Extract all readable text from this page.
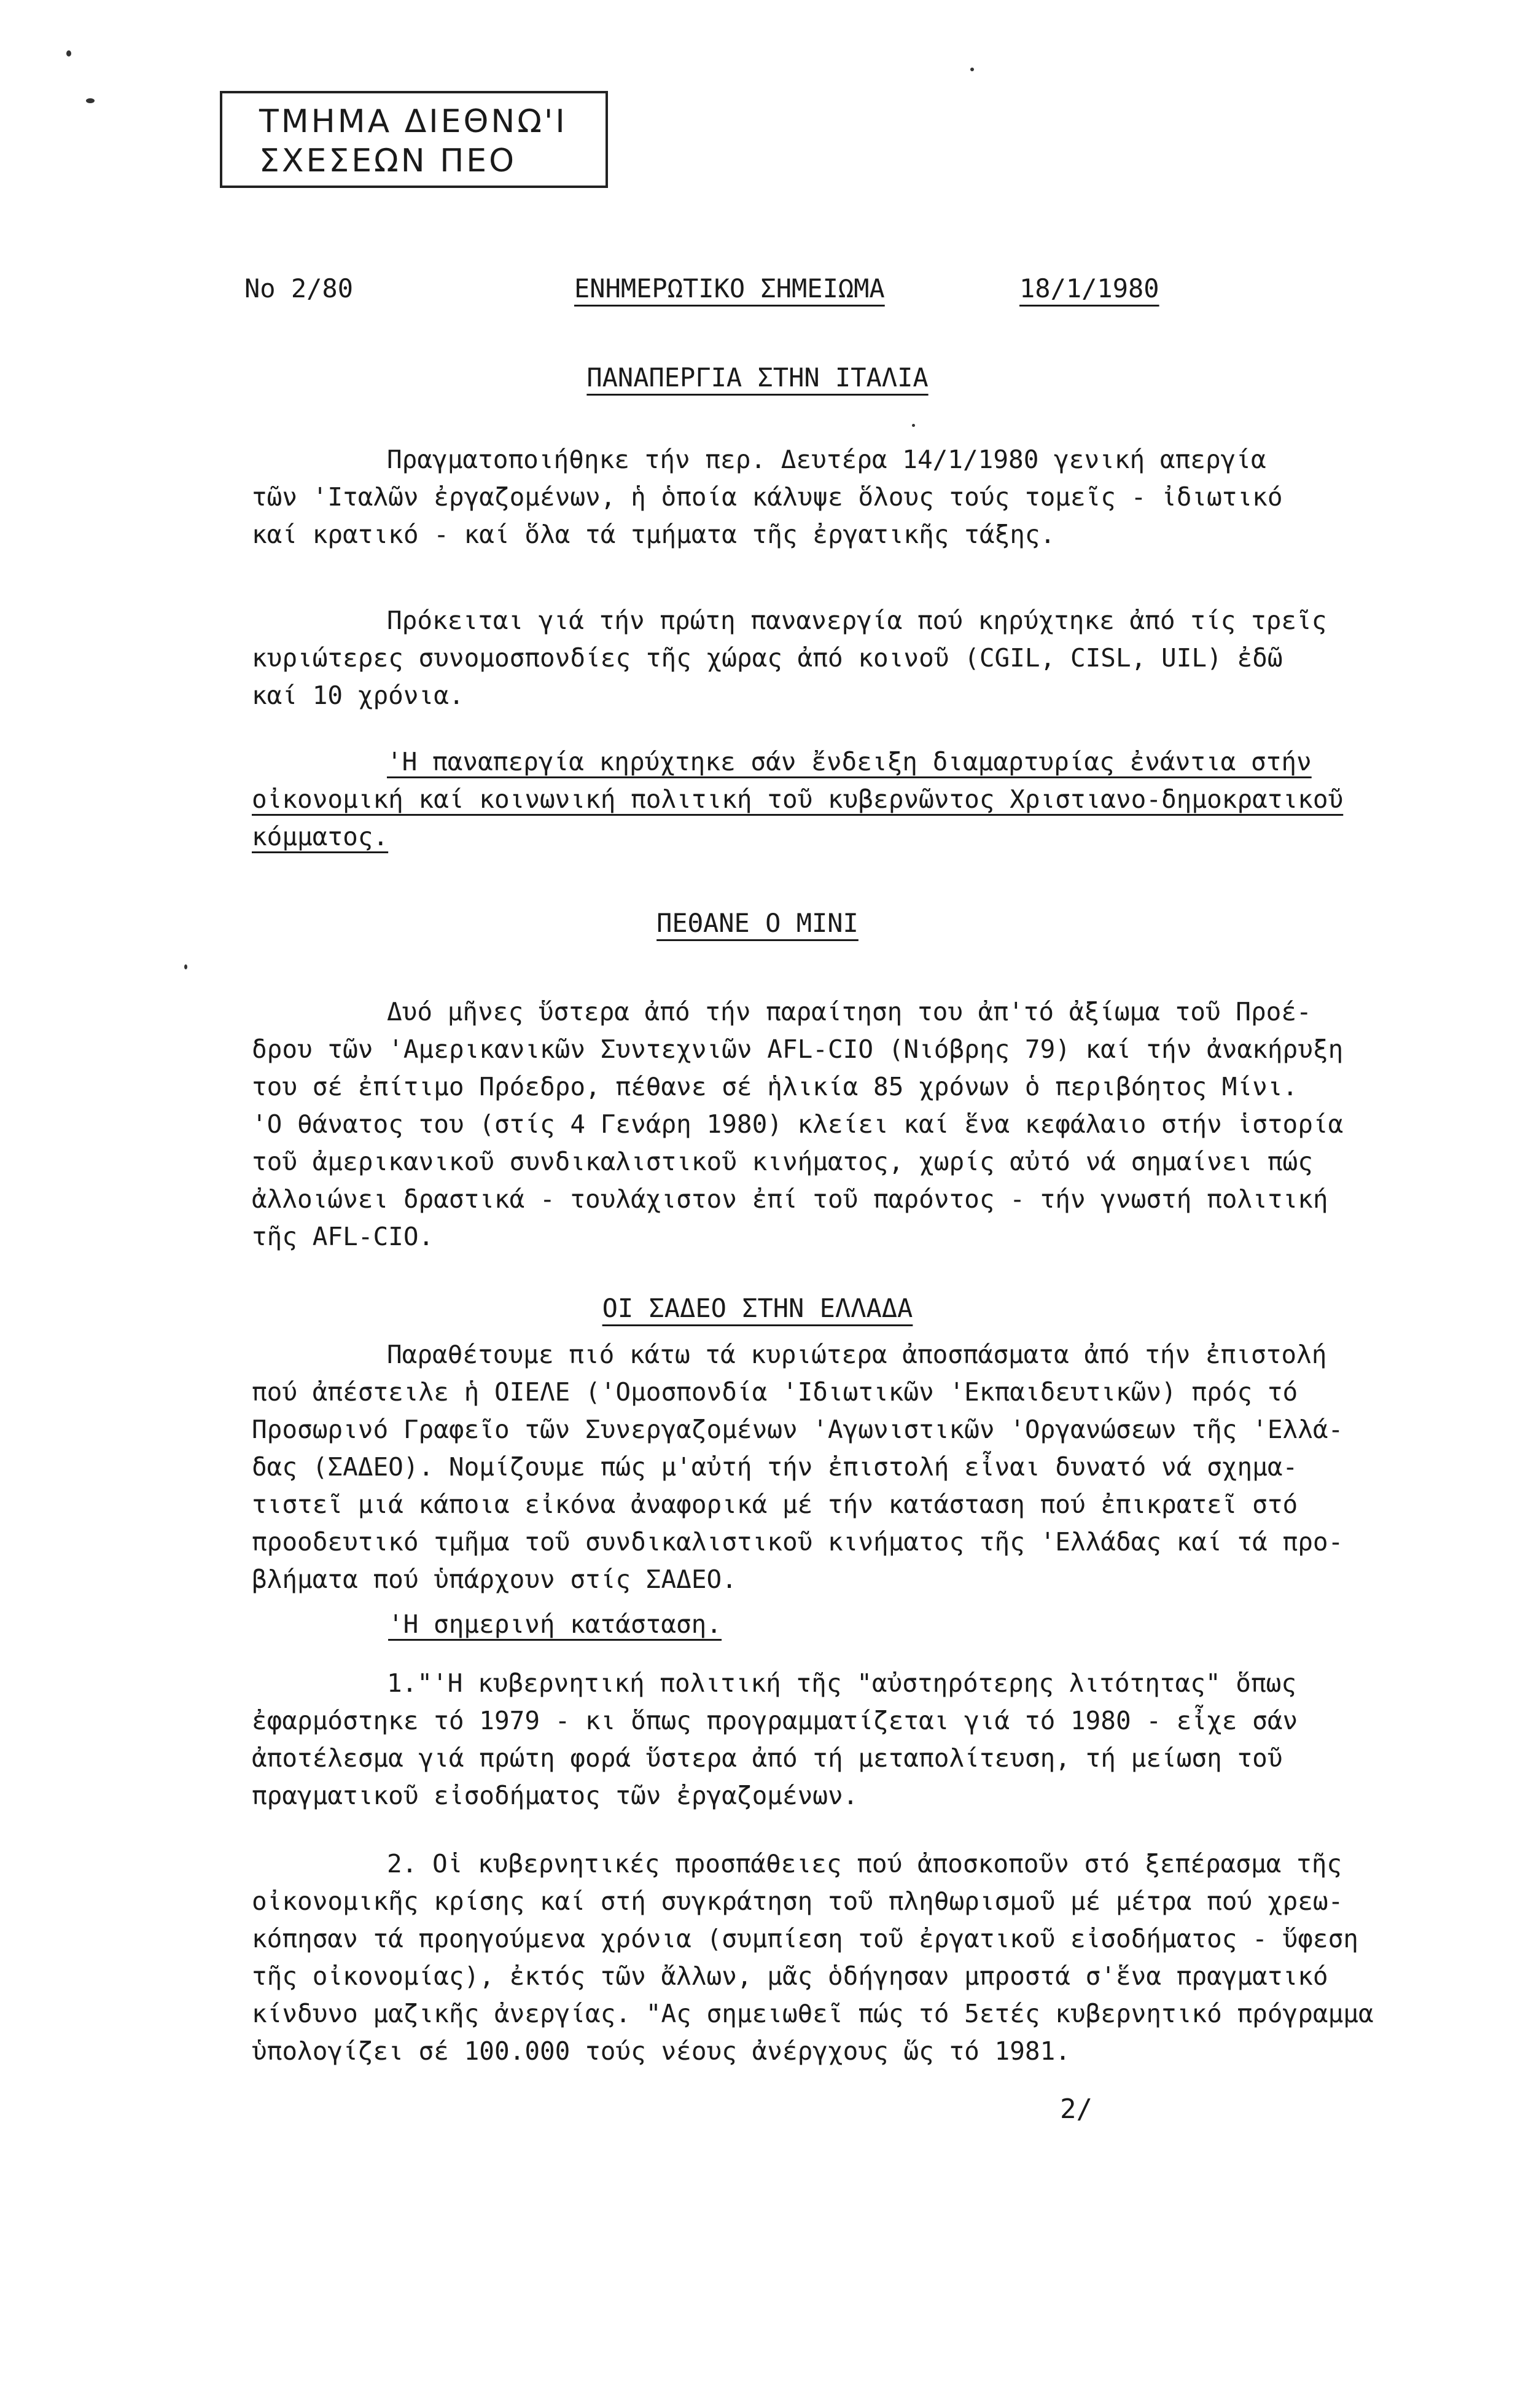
ΤΜΗΜΑ ΔΙΕΘΝΩ'Ι
ΣΧΕΣΕΩΝ ΠΕΟ
Νο 2/80	ΕΝΗΜΕΡΩΤΙΚΟ ΣΗΜΕΙΩΜΑ	18/1/1980
ΠΑΝΑΠΕΡΓΙΑ ΣΤΗΝ ΙΤΑΛΙΑ
Πραγματοποιήθηκε τήν περ. Δευτέρα 14/1/1980 γενική απεργία
τῶν 'Ιταλῶν ἐργαζομένων, ἡ ὁποία κάλυψε ὅλους τούς τομεῖς - ἰδιωτικό
καί κρατικό - καί ὅλα τά τμήματα τῆς ἐργατικῆς τάξης.
Πρόκειται γιά τήν πρώτη πανανεργία πού κηρύχτηκε ἀπό τίς τρεῖς
κυριώτερες συνομοσπονδίες τῆς χώρας ἀπό κοινοῦ (CGIL, CISL, UIL) ἐδῶ
καί 10 χρόνια.
'Η παναπεργία κηρύχτηκε σάν ἔνδειξη διαμαρτυρίας ἐνάντια στήν
οἰκονομική καί κοινωνική πολιτική τοῦ κυβερνῶντος Χριστιανο-δημοκρατικοῦ
κόμματος.
ΠΕΘΑΝΕ Ο ΜΙΝΙ
Δυό μῆνες ὕστερα ἀπό τήν παραίτηση του ἀπ'τό ἀξίωμα τοῦ Προέ-
δρου τῶν 'Αμερικανικῶν Συντεχνιῶν AFL-CIO (Νιόβρης 79) καί τήν ἀνακήρυξη
του σέ ἐπίτιμο Πρόεδρο, πέθανε σέ ἡλικία 85 χρόνων ὁ περιβόητος Μίνι.
'Ο θάνατος του (στίς 4 Γενάρη 1980) κλείει καί ἕνα κεφάλαιο στήν ἱστορία
τοῦ ἀμερικανικοῦ συνδικαλιστικοῦ κινήματος, χωρίς αὐτό νά σημαίνει πώς
ἀλλοιώνει δραστικά - τουλάχιστον ἐπί τοῦ παρόντος - τήν γνωστή πολιτική
τῆς AFL-CIO.
ΟΙ ΣΑΔΕΟ ΣΤΗΝ ΕΛΛΑΔΑ
Παραθέτουμε πιό κάτω τά κυριώτερα ἀποσπάσματα ἀπό τήν ἐπιστολή
πού ἀπέστειλε ἡ ΟΙΕΛΕ ('Ομοσπονδία 'Ιδιωτικῶν 'Εκπαιδευτικῶν) πρός τό
Προσωρινό Γραφεῖο τῶν Συνεργαζομένων 'Αγωνιστικῶν 'Οργανώσεων τῆς 'Ελλά-
δας (ΣΑΔΕΟ). Νομίζουμε πώς μ'αὐτή τήν ἐπιστολή εἶναι δυνατό νά σχημα-
τιστεῖ μιά κάποια εἰκόνα ἀναφορικά μέ τήν κατάσταση πού ἐπικρατεῖ στό
προοδευτικό τμῆμα τοῦ συνδικαλιστικοῦ κινήματος τῆς 'Ελλάδας καί τά προ-
βλήματα πού ὑπάρχουν στίς ΣΑΔΕΟ.
'Η σημερινή κατάσταση.
1."'Η κυβερνητική πολιτική τῆς "αὐστηρότερης λιτότητας" ὅπως
ἐφαρμόστηκε τό 1979 - κι ὅπως προγραμματίζεται γιά τό 1980 - εἶχε σάν
ἀποτέλεσμα γιά πρώτη φορά ὕστερα ἀπό τή μεταπολίτευση, τή μείωση τοῦ
πραγματικοῦ εἰσοδήματος τῶν ἐργαζομένων.
2. Οἱ κυβερνητικές προσπάθειες πού ἀποσκοποῦν στό ξεπέρασμα τῆς
οἰκονομικῆς κρίσης καί στή συγκράτηση τοῦ πληθωρισμοῦ μέ μέτρα πού χρεω-
κόπησαν τά προηγούμενα χρόνια (συμπίεση τοῦ ἐργατικοῦ εἰσοδήματος - ὕφεση
τῆς οἰκονομίας), ἐκτός τῶν ἄλλων, μᾶς ὁδήγησαν μπροστά σ'ἕνα πραγματικό
κίνδυνο μαζικῆς ἀνεργίας. "Ας σημειωθεῖ πώς τό 5ετές κυβερνητικό πρόγραμμα
ὑπολογίζει σέ 100.000 τούς νέους ἀνέργχους ὥς τό 1981.
2/
